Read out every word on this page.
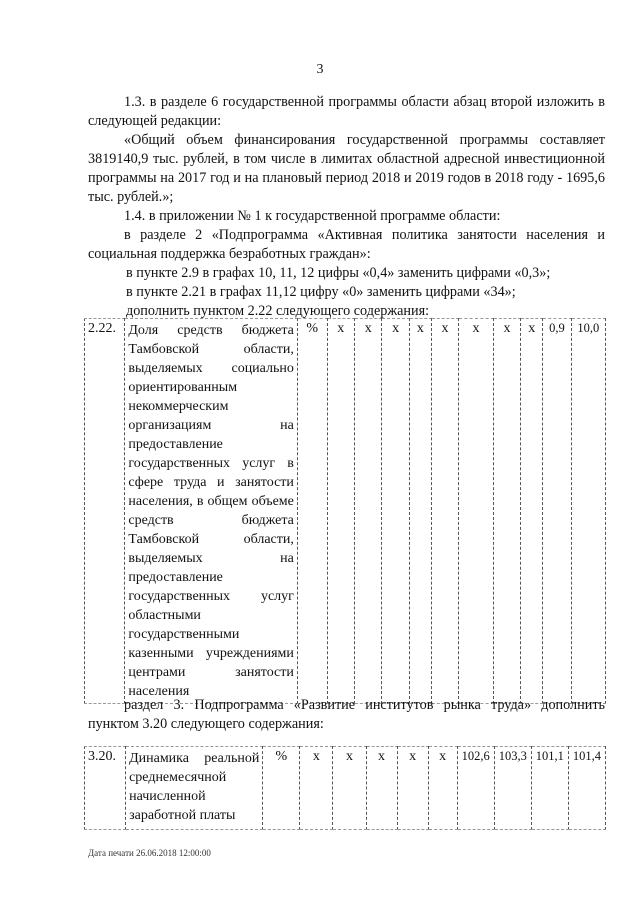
3
1.3. в разделе 6 государственной программы области абзац второй изложить в следующей редакции:
«Общий объем финансирования государственной программы составляет 3819140,9 тыс. рублей, в том числе в лимитах областной адресной инвестиционной программы на 2017 год и на плановый период 2018 и 2019 годов в 2018 году - 1695,6 тыс. рублей.»;
1.4. в приложении № 1 к государственной программе области:
в разделе 2 «Подпрограмма «Активная политика занятости населения и социальная поддержка безработных граждан»:
в пункте 2.9 в графах 10, 11, 12 цифры «0,4» заменить цифрами «0,3»;
в пункте 2.21 в графах 11,12 цифру «0» заменить цифрами «34»;
дополнить пунктом 2.22 следующего содержания:
2.22.	Доля средств бюджета Тамбовской области, выделяемых социально ориентированным некоммерческим организациям на предоставление государственных услуг в сфере труда и занятости населения, в общем объеме средств бюджета Тамбовской области, выделяемых на предоставление государственных услуг областными государственными казенными учреждениями центрами занятости населения	%	x	x	x	x	x	x	x	x	0,9	10,0
раздел 3. Подпрограмма «Развитие институтов рынка труда» дополнить пунктом 3.20 следующего содержания:
3.20.	Динамика реальной среднемесячной начисленной заработной платы	%	x	x	x	x	x	102,6	103,3	101,1	101,4
Дата печати 26.06.2018 12:00:00
